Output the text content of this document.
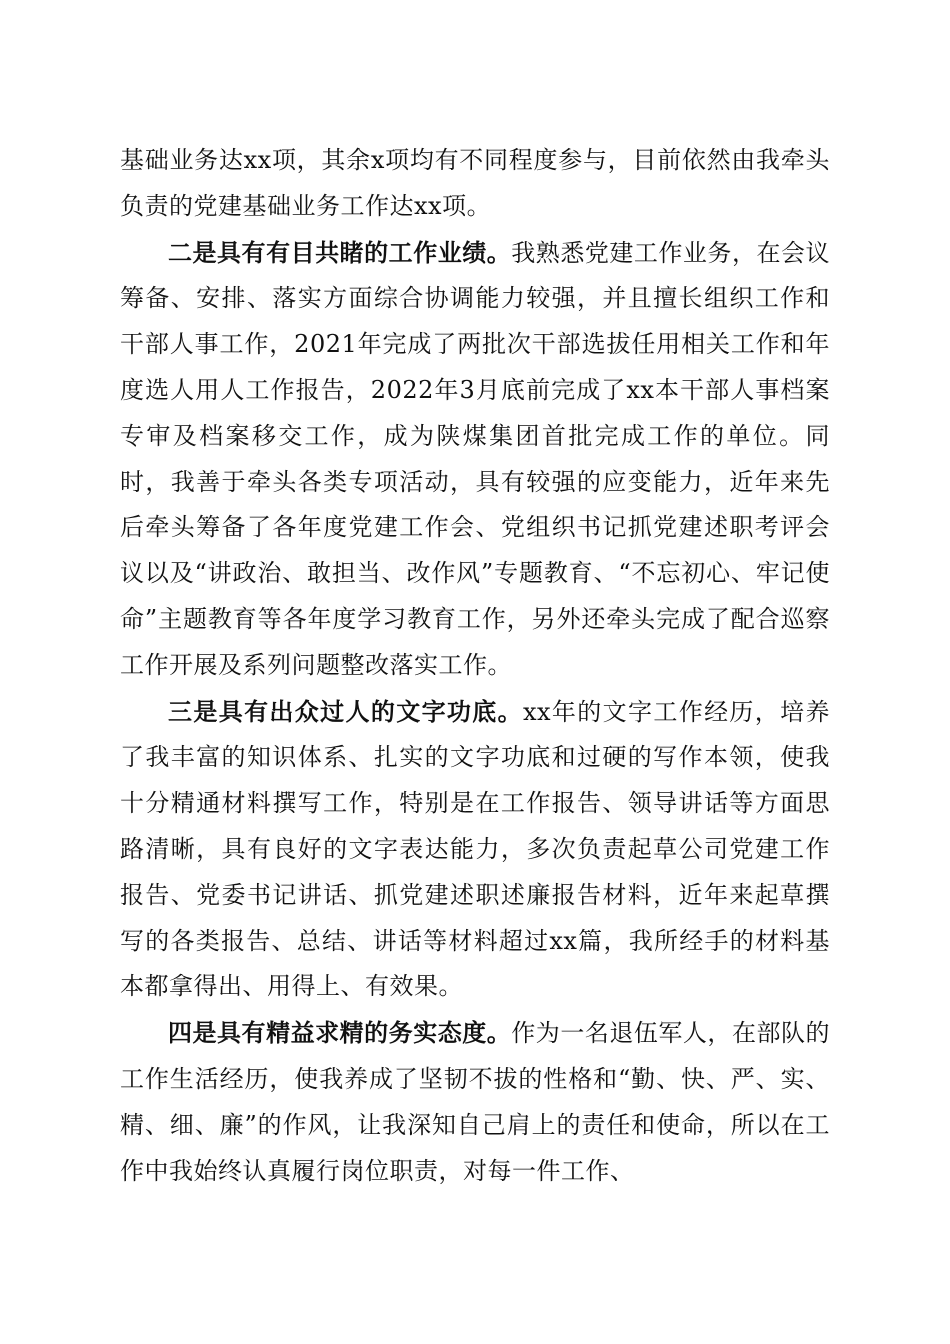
基础业务达xx项，其余x项均有不同程度参与，目前依然由我牵头负责的党建基础业务工作达xx项。

二是具有有目共睹的工作业绩。我熟悉党建工作业务，在会议筹备、安排、落实方面综合协调能力较强，并且擅长组织工作和干部人事工作，2021年完成了两批次干部选拔任用相关工作和年度选人用人工作报告，2022年3月底前完成了xx本干部人事档案专审及档案移交工作，成为陕煤集团首批完成工作的单位。同时，我善于牵头各类专项活动，具有较强的应变能力，近年来先后牵头筹备了各年度党建工作会、党组织书记抓党建述职考评会议以及“讲政治、敢担当、改作风”专题教育、“不忘初心、牢记使命”主题教育等各年度学习教育工作，另外还牵头完成了配合巡察工作开展及系列问题整改落实工作。

三是具有出众过人的文字功底。xx年的文字工作经历，培养了我丰富的知识体系、扎实的文字功底和过硬的写作本领，使我十分精通材料撰写工作，特别是在工作报告、领导讲话等方面思路清晰，具有良好的文字表达能力，多次负责起草公司党建工作报告、党委书记讲话、抓党建述职述廉报告材料，近年来起草撰写的各类报告、总结、讲话等材料超过xx篇，我所经手的材料基本都拿得出、用得上、有效果。

四是具有精益求精的务实态度。作为一名退伍军人，在部队的工作生活经历，使我养成了坚韧不拔的性格和“勤、快、严、实、精、细、廉”的作风，让我深知自己肩上的责任和使命，所以在工作中我始终认真履行岗位职责，对每一件工作、
